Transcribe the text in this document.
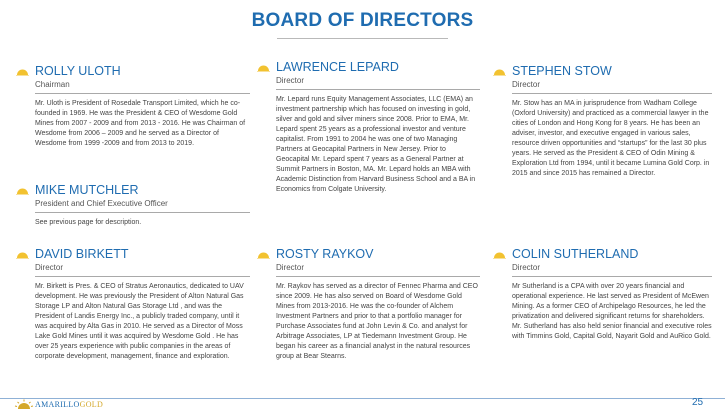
BOARD OF DIRECTORS
ROLLY ULOTH
Chairman
Mr. Uloth is President of Rosedale Transport Limited, which he co-founded in 1969. He was the President & CEO of Wesdome Gold Mines from 2007 - 2009 and from 2013 - 2016. He was Chairman of Wesdome from 2006 – 2009 and he served as a Director of Wesdome from 1999 -2009 and from 2013 to 2019.
MIKE MUTCHLER
President and Chief Executive Officer
See previous page for description.
DAVID BIRKETT
Director
Mr. Birkett is Pres. & CEO of Stratus Aeronautics, dedicated to UAV development. He was previously the President of Alton Natural Gas Storage LP and Alton Natural Gas Storage Ltd , and was the President of Landis Energy Inc., a publicly traded company, until it was acquired by Alta Gas in 2010. He served as a Director of Moss Lake Gold Mines until it was acquired by Wesdome Gold . He has over 25 years experience with public companies in the areas of corporate development, management, finance and exploration.
LAWRENCE LEPARD
Director
Mr. Lepard runs Equity Management Associates, LLC (EMA) an investment partnership which has focused on investing in gold, silver and gold and silver miners since 2008. Prior to EMA, Mr. Lepard spent 25 years as a professional investor and venture capitalist. From 1991 to 2004 he was one of two Managing Partners at Geocapital Partners in New Jersey. Prior to Geocapital Mr. Lepard spent 7 years as a General Partner at Summit Partners in Boston, MA. Mr. Lepard holds an MBA with Academic Distinction from Harvard Business School and a BA in Economics from Colgate University.
ROSTY RAYKOV
Director
Mr. Raykov has served as a director of Fennec Pharma and CEO since 2009. He has also served on Board of Wesdome Gold Mines from 2013-2016. He was the co-founder of Alchem Investment Partners and prior to that a portfolio manager for Purchase Associates fund at John Levin & Co. and analyst for Arbitrage Associates, LP at Tiedemann Investment Group. He began his career as a financial analyst in the natural resources group at Bear Stearns.
STEPHEN STOW
Director
Mr. Stow has an MA in jurisprudence from Wadham College (Oxford University) and practiced as a commercial lawyer in the cities of London and Hong Kong for 8 years. He has been an adviser, investor, and executive engaged in various sales, resource driven opportunities and “startups” for the last 30 plus years. He served as the President & CEO of Odin Mining & Exploration Ltd from 1994, until it became Lumina Gold Corp. in 2015 and since 2015 has remained a Director.
COLIN SUTHERLAND
Director
Mr Sutherland is a CPA with over 20 years financial and operational experience. He last served as President of McEwen Mining. As a former CEO of Archipelago Resources, he led the privatization and delivered significant returns for shareholders. Mr. Sutherland has also held senior financial and executive roles with Timmins Gold, Capital Gold, Nayarit Gold and AuRico Gold.
AMARILLOGOLD	25
